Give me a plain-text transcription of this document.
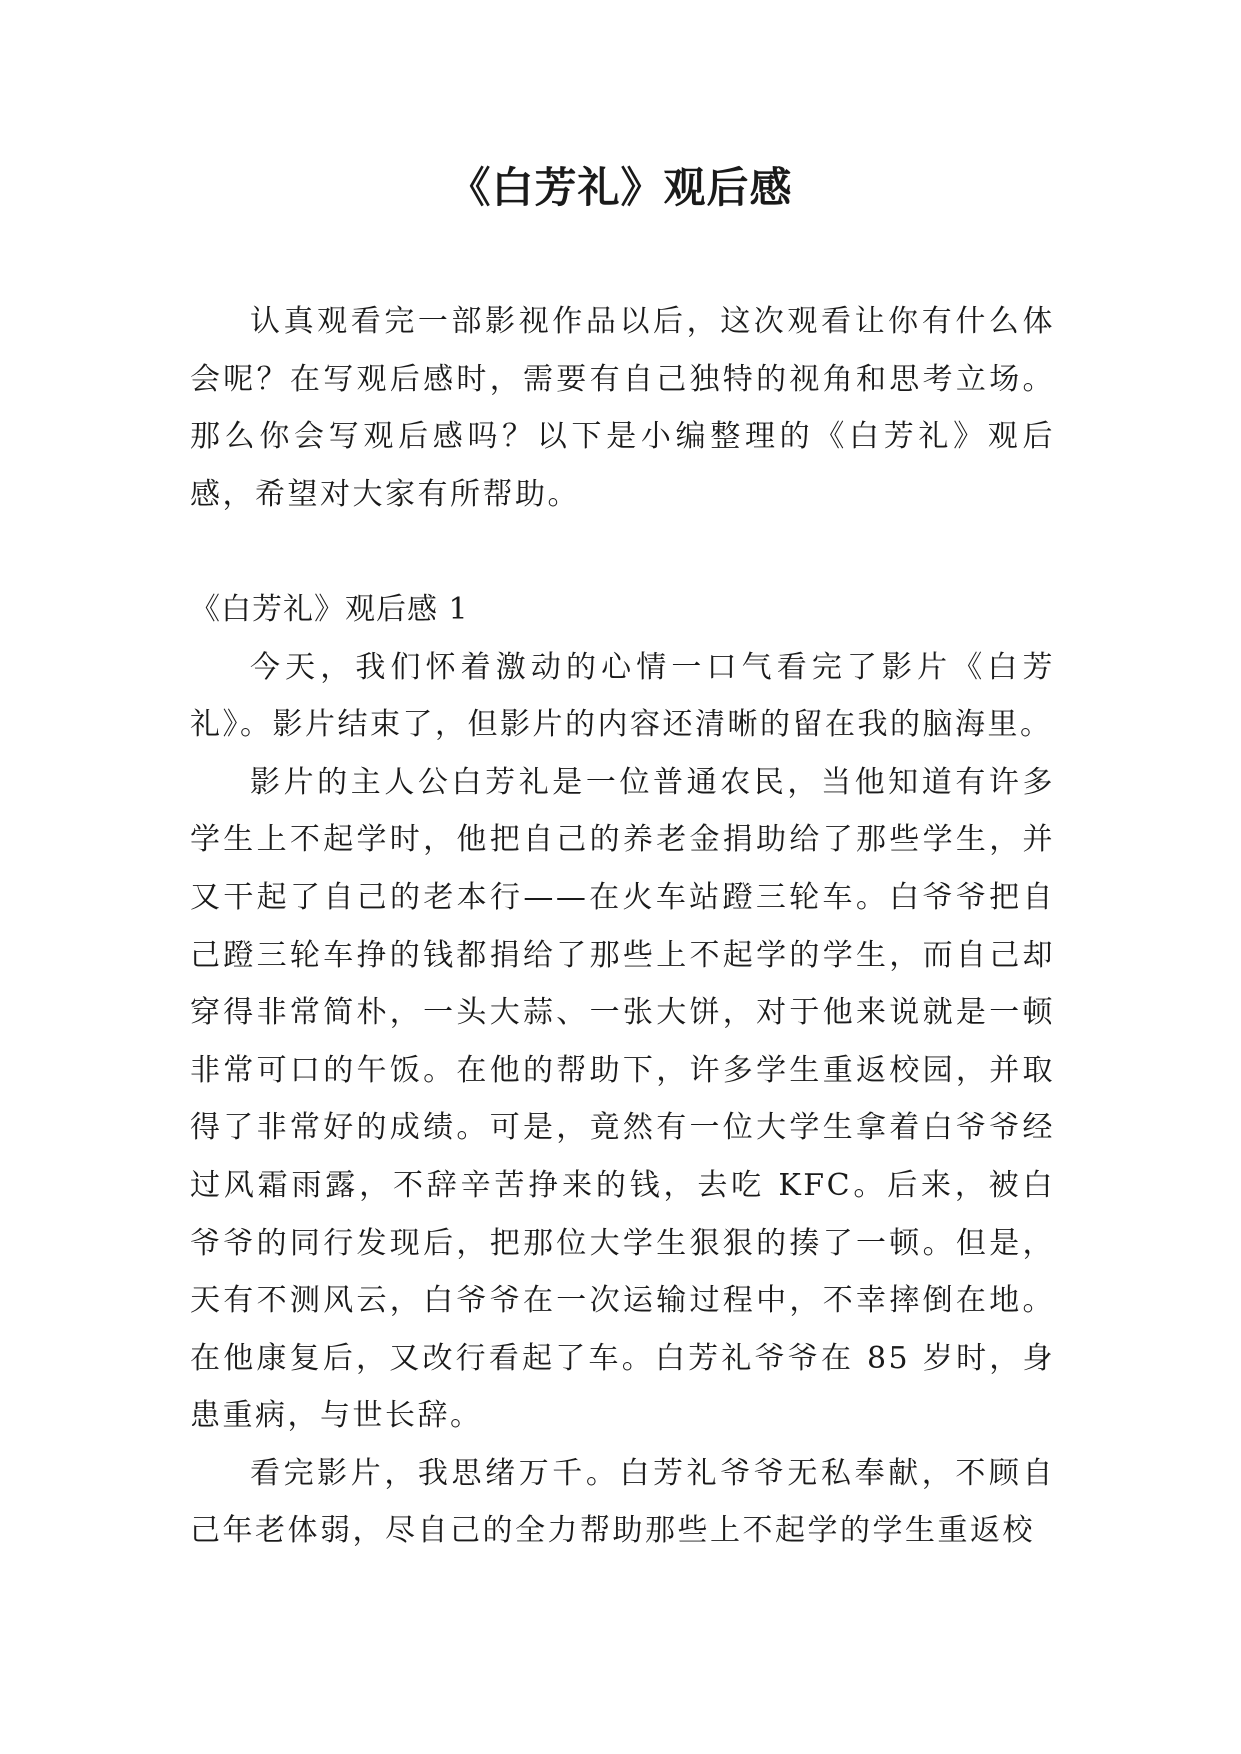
《白芳礼》观后感

认真观看完一部影视作品以后，这次观看让你有什么体会呢？在写观后感时，需要有自己独特的视角和思考立场。那么你会写观后感吗？以下是小编整理的《白芳礼》观后感，希望对大家有所帮助。

《白芳礼》观后感 1

今天，我们怀着激动的心情一口气看完了影片《白芳礼》。影片结束了，但影片的内容还清晰的留在我的脑海里。

影片的主人公白芳礼是一位普通农民，当他知道有许多学生上不起学时，他把自己的养老金捐助给了那些学生，并又干起了自己的老本行——在火车站蹬三轮车。白爷爷把自己蹬三轮车挣的钱都捐给了那些上不起学的学生，而自己却穿得非常简朴，一头大蒜、一张大饼，对于他来说就是一顿非常可口的午饭。在他的帮助下，许多学生重返校园，并取得了非常好的成绩。可是，竟然有一位大学生拿着白爷爷经过风霜雨露，不辞辛苦挣来的钱，去吃 KFC。后来，被白爷爷的同行发现后，把那位大学生狠狠的揍了一顿。但是，天有不测风云，白爷爷在一次运输过程中，不幸摔倒在地。在他康复后，又改行看起了车。白芳礼爷爷在 85 岁时，身患重病，与世长辞。

看完影片，我思绪万千。白芳礼爷爷无私奉献，不顾自己年老体弱，尽自己的全力帮助那些上不起学的学生重返校
